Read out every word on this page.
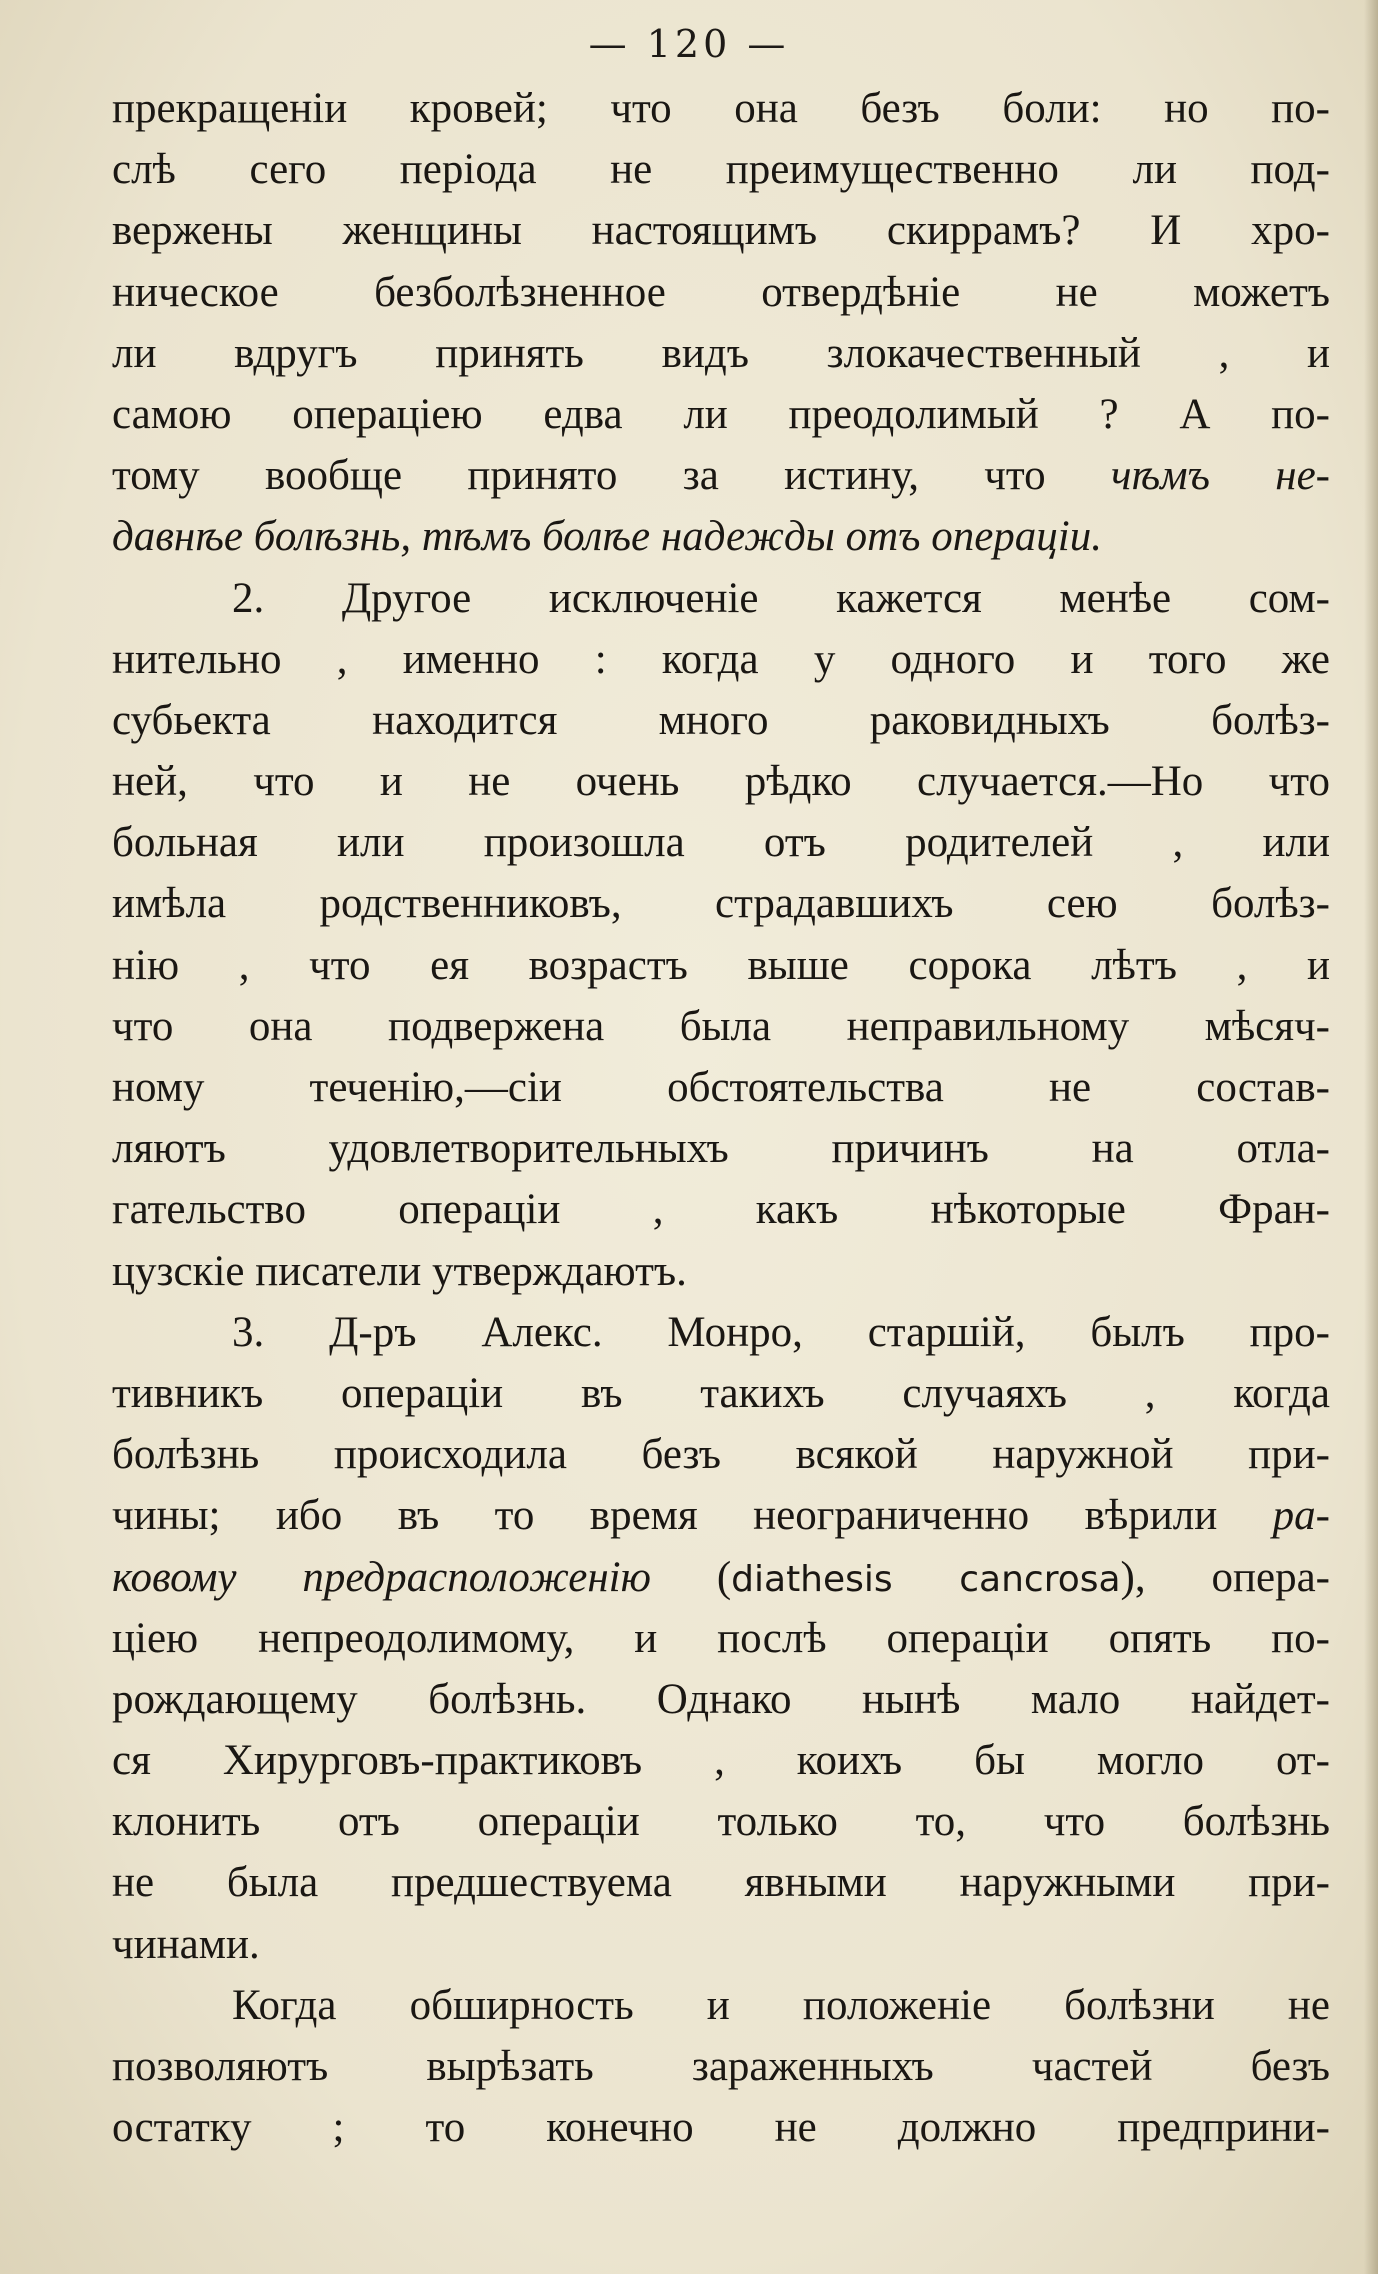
— 120 —
прекращеніи кровей; что она безъ боли: но по-
слѣ сего періода не преимущественно ли под-
вержены женщины настоящимъ скиррамъ? И хро-
ническое безболѣзненное отвердѣніе не можетъ
ли вдругъ принять видъ злокачественный , и
самою операціею едва ли преодолимый ? А по-
тому вообще принято за истину, что чѣмъ не-
давнѣе болѣзнь, тѣмъ болѣе надежды отъ операціи.
2. Другое исключеніе кажется менѣе сом-
нительно , именно : когда у одного и того же
субьекта находится много раковидныхъ болѣз-
ней, что и не очень рѣдко случается.—Но что
больная или произошла отъ родителей , или
имѣла родственниковъ, страдавшихъ сею болѣз-
нію , что ея возрастъ выше сорока лѣтъ , и
что она подвержена была неправильному мѣсяч-
ному теченію,—сіи обстоятельства не состав-
ляютъ удовлетворительныхъ причинъ на отла-
гательство операціи , какъ нѣкоторые Фран-
цузскіе писатели утверждаютъ.
3. Д-ръ Алекс. Монро, старшій, былъ про-
тивникъ операціи въ такихъ случаяхъ , когда
болѣзнь происходила безъ всякой наружной при-
чины; ибо въ то время неограниченно вѣрили ра-
ковому предрасположенію (diathesis cancrosa), опера-
ціею непреодолимому, и послѣ операціи опять по-
рождающему болѣзнь. Однако нынѣ мало найдет-
ся Хирурговъ-практиковъ , коихъ бы могло от-
клонить отъ операціи только то, что болѣзнь
не была предшествуема явными наружными при-
чинами.
Когда обширность и положеніе болѣзни не
позволяютъ вырѣзать зараженныхъ частей безъ
остатку ; то конечно не должно предприни-
